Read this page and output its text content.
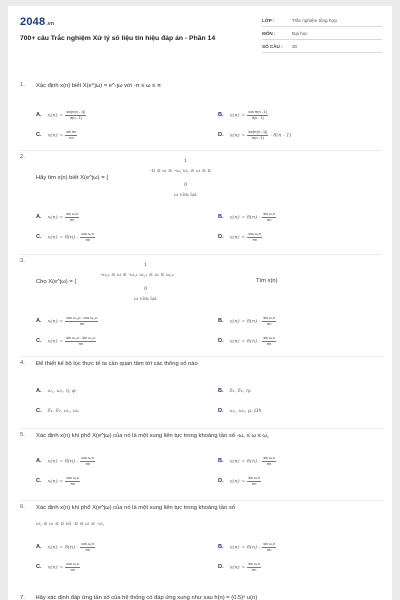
2048.vn
700+ câu Trắc nghiệm Xử lý số liệu tín hiệu đáp án - Phần 14
LỚP :	Trắc nghiệm tổng hợp
MÔN :	Đại học
SỐ CÂU : 30
1. Xác định x(n) biết X(e^jω) = e^-jω với -π ≤ ω ≤ π
A. $x(n) = \frac{\sin(\pi(n - 1))}{\pi(n - 1)}$	B. $x(n) = \frac{\text{cos π(n - 1)}}{\pi(n - 1)}$
C. $x(n) = \frac{\text{sin πn}}{\pi n}$	D. $x(n) = \frac{\sin(\pi(n - 1))}{\pi(n - 1)} - \delta(n - 1)$
2.
1
-π ≤ ω ≤ -ω꜀ ω꜀ ≤ ω ≤ π
Hãy tìm x(n) biết X(e^jω) = {
0
ω còn lại
A. $x(n) = \frac{\text{sin ω꜀n}}{\pi n}$	B. $x(n) = \delta(n) - \frac{\text{sin ω꜀n}}{\pi n}$
C. $x(n) = \delta(n) - \frac{\text{cos ω꜀n}}{\pi n}$	D. $x(n) = \frac{\text{cos ω꜀n}}{\pi n}$
3.
1
-ω꜀₂ ≤ ω ≤ -ω꜀₁ ω꜀₁ ≤ ω ≤ ω꜀₂
Cho X(e^jω) = {	Tìm x(n)
0
ω còn lại
A. $x(n) = \frac{\text{cos ω꜀₂n - cos ω꜀₁n}}{\pi n}$	B. $x(n) = \delta(n) - \frac{\text{sin ω꜀n}}{\pi n}$
C. $x(n) = \frac{\text{sin ω꜀₂n - sin ω꜀₁n}}{\pi n}$	D. $x(n) = \delta(n) - \frac{\text{sin ω꜀n}}{\pi n}$
4. Để thiết kế bộ lọc thực tế ta cần quan tâm tới các thông số nào
A. ω꜀, ωₚ, η, φ	B. δ₁, δ₂, η₂
C. δ₁, δ₂, ω꜀, ωₚ	D. ω꜀, ωₚ, μ, Ωh
5. Xác định x(n) khi phổ X(e^jω) của nó là một xung liên tục trong khoảng tần số -ω꜀ ≤ ω ≤ ω꜀
A. $x(n) = \delta(n) - \frac{\text{cos ω꜀n}}{\pi n}$	B. $x(n) = \delta(n) - \frac{\text{sin ω꜀n}}{\pi n}$
C. $x(n) = \frac{\text{cos ω꜀n}}{\pi n}$	D. $x(n) = \frac{\text{sin ω꜀n}}{\pi n}$
6. Xác định x(n) khi phổ X(e^jω) của nó là một xung liên tục trong khoảng tần số
ω꜀ ≤ ω ≤ π và -π ≤ ω ≤ -ω꜀
A. $x(n) = \delta(n) - \frac{\text{cos ω꜀n}}{\pi n}$	B. $x(n) = \delta(n) - \frac{\text{sin ω꜀n}}{\pi n}$
C. $x(n) = \frac{\text{cos ω꜀n}}{\pi n}$	D. $x(n) = \frac{\text{sin ω꜀n}}{\pi n}$
7. Hãy xác định đáp ứng tần số của hệ thống có đáp ứng xung như sau h(n) = (0.5)ⁿ u(n)
